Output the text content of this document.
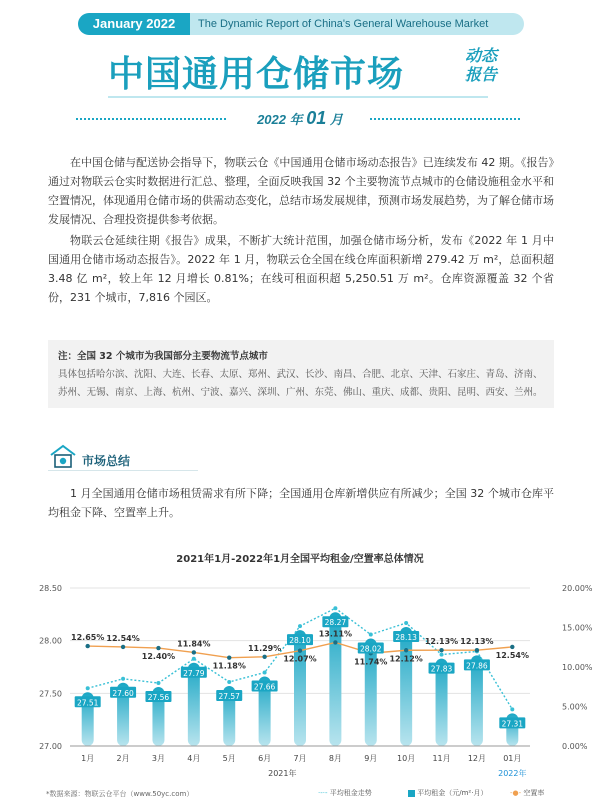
January 2022	The Dynamic Report of China's General Warehouse Market
中国通用仓储市场	动态
报告
2022 年 01 月

在中国仓储与配送协会指导下，物联云仓《中国通用仓储市场动态报告》已连续发布 42 期。《报告》通过对物联云仓实时数据进行汇总、整理，全面反映我国 32 个主要物流节点城市的仓储设施租金水平和空置情况，体现通用仓储市场的供需动态变化，总结市场发展规律，预测市场发展趋势，为了解仓储市场发展情况、合理投资提供参考依据。

物联云仓延续往期《报告》成果，不断扩大统计范围，加强仓储市场分析，发布《2022 年 1 月中国通用仓储市场动态报告》。2022 年 1 月，物联云仓全国在线仓库面积新增 279.42 万 m²，总面积超 3.48 亿 m²，较上年 12 月增长 0.81%；在线可租面积超 5,250.51 万 m²。仓库资源覆盖 32 个省份，231 个城市，7,816 个园区。

注：全国 32 个城市为我国部分主要物流节点城市
具体包括哈尔滨、沈阳、大连、长春、太原、郑州、武汉、长沙、南昌、合肥、北京、天津、石家庄、青岛、济南、苏州、无锡、南京、上海、杭州、宁波、嘉兴、深圳、广州、东莞、佛山、重庆、成都、贵阳、昆明、西安、兰州。
市场总结

1 月全国通用仓储市场租赁需求有所下降；全国通用仓库新增供应有所减少；全国 32 个城市仓库平均租金下降、空置率上升。

2021年1月-2022年1月全国平均租金/空置率总体情况
27.00
27.50
28.00
28.50
0.00%
5.00%
10.00%
15.00%
20.00%
27.51
27.60 27.56
27.79
27.57
27.66
28.10
28.27
28.02
28.13
27.83 27.86
27.31
12.65% 12.54%
12.40%
11.84%
11.18%
11.29%
12.07%
13.11%
11.74% 12.12%
12.13% 12.13%
12.54%
1月	2月	3月	4月	5月	6月	7月	8月	9月 10月 11月 12月 01月
2021年	2022年
*数据来源：物联云仓平台（www.50yc.com）	·-·- 平均租金走势	平均租金（元/m²·月）	-●- 空置率
